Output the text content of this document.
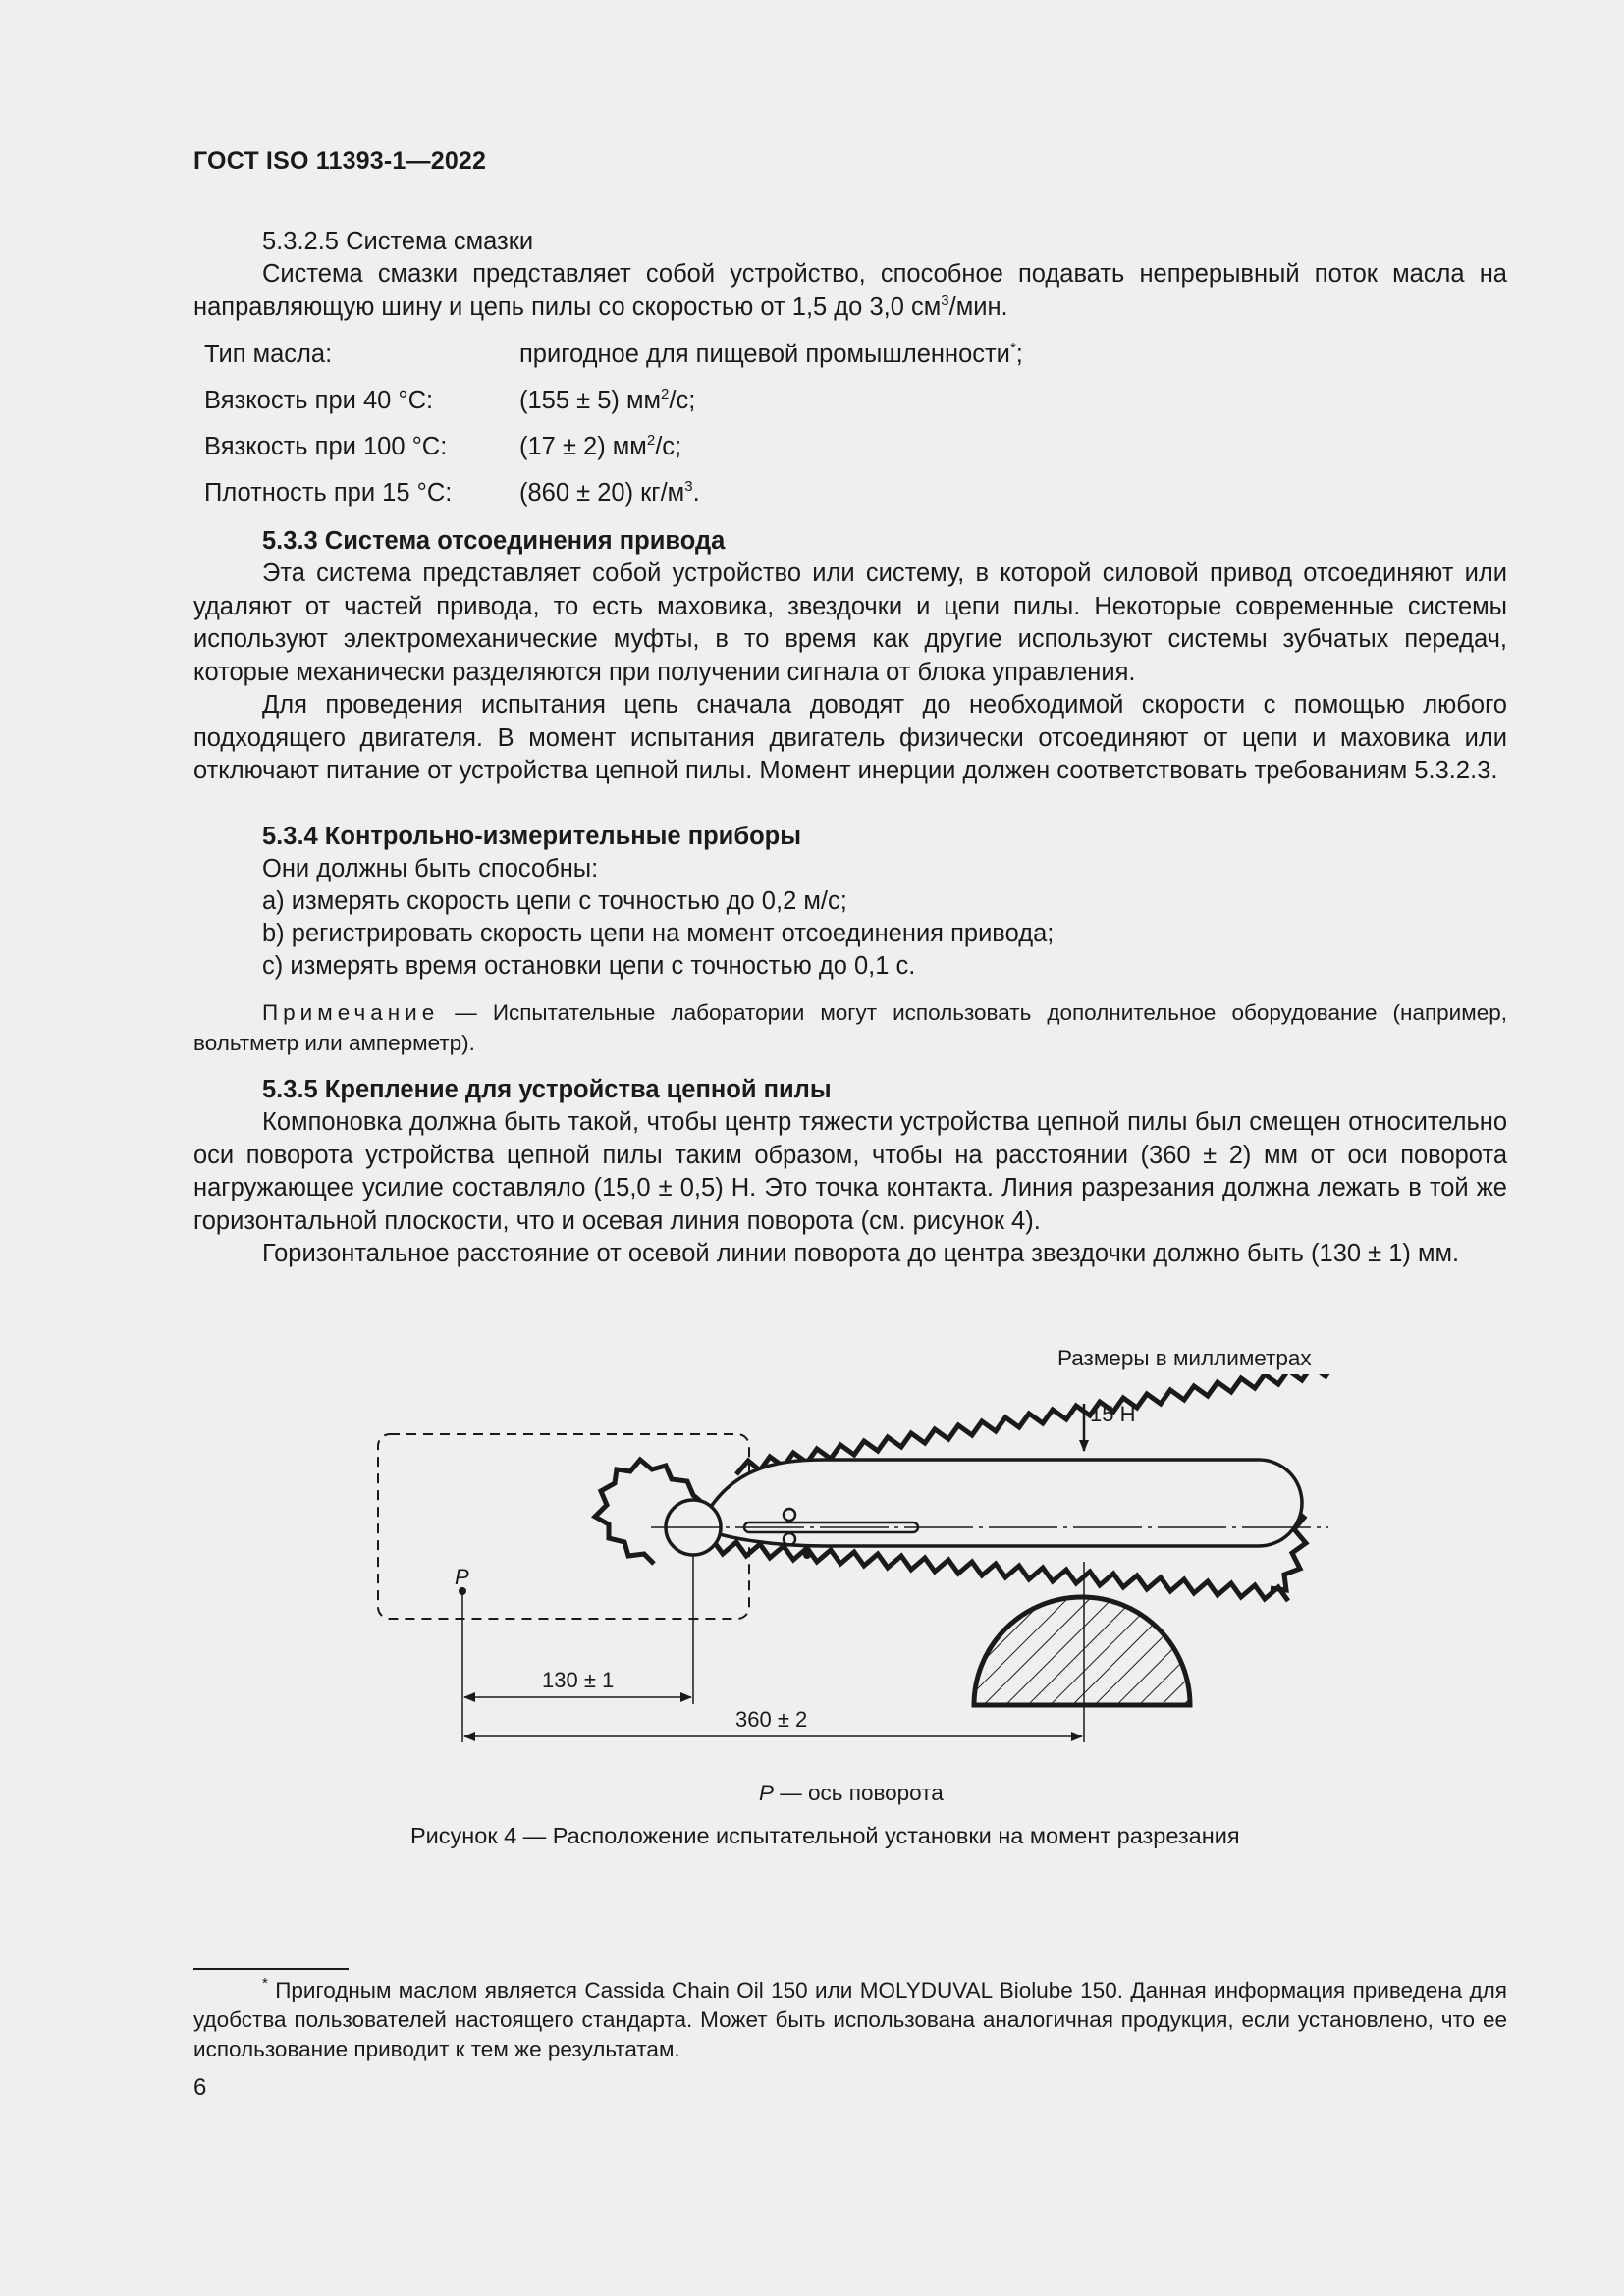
ГОСТ ISO 11393-1—2022
5.3.2.5 Система смазки
Система смазки представляет собой устройство, способное подавать непрерывный поток масла на направляющую шину и цепь пилы со скоростью от 1,5 до 3,0 $см^3$/мин.
Тип масла:	пригодное для пищевой промышленности*;
Вязкость при 40 °С:	(155 ± 5) $мм^2/с$;
Вязкость при 100 °С:	(17 ± 2) $мм^2/с$;
Плотность при 15 °С:	(860 ± 20) $кг/м^3$.
5.3.3 Система отсоединения привода
Эта система представляет собой устройство или систему, в которой силовой привод отсоединяют или удаляют от частей привода, то есть маховика, звездочки и цепи пилы. Некоторые современные системы используют электромеханические муфты, в то время как другие используют системы зубчатых передач, которые механически разделяются при получении сигнала от блока управления.
Для проведения испытания цепь сначала доводят до необходимой скорости с помощью любого подходящего двигателя. В момент испытания двигатель физически отсоединяют от цепи и маховика или отключают питание от устройства цепной пилы. Момент инерции должен соответствовать требованиям 5.3.2.3.
5.3.4 Контрольно-измерительные приборы
Они должны быть способны:
а) измерять скорость цепи с точностью до 0,2 м/с;
b) регистрировать скорость цепи на момент отсоединения привода;
с) измерять время остановки цепи с точностью до 0,1 с.
Примечание — Испытательные лаборатории могут использовать дополнительное оборудование (например, вольтметр или амперметр).
5.3.5 Крепление для устройства цепной пилы
Компоновка должна быть такой, чтобы центр тяжести устройства цепной пилы был смещен относительно оси поворота устройства цепной пилы таким образом, чтобы на расстоянии (360 ± 2) мм от оси поворота нагружающее усилие составляло (15,0 ± 0,5) Н. Это точка контакта. Линия разрезания должна лежать в той же горизонтальной плоскости, что и осевая линия поворота (см. рисунок 4).
Горизонтальное расстояние от осевой линии поворота до центра звездочки должно быть (130 ± 1) мм.
Размеры в миллиметрах
15 Н
P
130 ± 1
360 ± 2
P — ось поворота
Рисунок 4 — Расположение испытательной установки на момент разрезания
* Пригодным маслом является Cassida Chain Oil 150 или MOLYDUVAL Biolube 150. Данная информация приведена для удобства пользователей настоящего стандарта. Может быть использована аналогичная продукция, если установлено, что ее использование приводит к тем же результатам.
6
